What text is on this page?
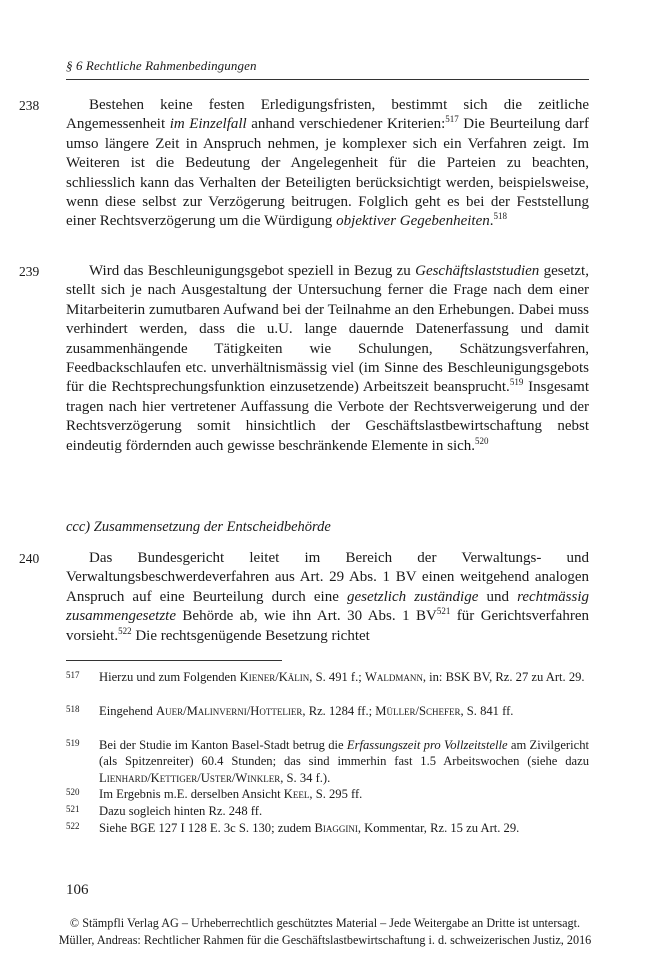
§ 6 Rechtliche Rahmenbedingungen
238	Bestehen keine festen Erledigungsfristen, bestimmt sich die zeitliche Angemessenheit im Einzelfall anhand verschiedener Kriterien:$^{517}$ Die Beurteilung darf umso längere Zeit in Anspruch nehmen, je komplexer sich ein Verfahren zeigt. Im Weiteren ist die Bedeutung der Angelegenheit für die Parteien zu beachten, schliesslich kann das Verhalten der Beteiligten berücksichtigt werden, beispielsweise, wenn diese selbst zur Verzögerung beitrugen. Folglich geht es bei der Feststellung einer Rechtsverzögerung um die Würdigung objektiver Gegebenheiten.$^{518}$
239	Wird das Beschleunigungsgebot speziell in Bezug zu Geschäftslaststudien gesetzt, stellt sich je nach Ausgestaltung der Untersuchung ferner die Frage nach dem einer Mitarbeiterin zumutbaren Aufwand bei der Teilnahme an den Erhebungen. Dabei muss verhindert werden, dass die u.U. lange dauernde Datenerfassung und damit zusammenhängende Tätigkeiten wie Schulungen, Schätzungsverfahren, Feedbackschlaufen etc. unverhältnismässig viel (im Sinne des Beschleunigungsgebots für die Rechtsprechungsfunktion einzusetzende) Arbeitszeit beansprucht.$^{519}$ Insgesamt tragen nach hier vertretener Auffassung die Verbote der Rechtsverweigerung und der Rechtsverzögerung somit hinsichtlich der Geschäftslastbewirtschaftung nebst eindeutig fördernden auch gewisse beschränkende Elemente in sich.$^{520}$
ccc) Zusammensetzung der Entscheidbehörde
240	Das Bundesgericht leitet im Bereich der Verwaltungs- und Verwaltungsbeschwerdeverfahren aus Art. 29 Abs. 1 BV einen weitgehend analogen Anspruch auf eine Beurteilung durch eine gesetzlich zuständige und rechtmässig zusammengesetzte Behörde ab, wie ihn Art. 30 Abs. 1 BV$^{521}$ für Gerichtsverfahren vorsieht.$^{522}$ Die rechtsgenügende Besetzung richtet
517	Hierzu und zum Folgenden Kiener/Kälin, S. 491 f.; Waldmann, in: BSK BV, Rz. 27 zu Art. 29.
518	Eingehend Auer/Malinverni/Hottelier, Rz. 1284 ff.; Müller/Schefer, S. 841 ff.
519	Bei der Studie im Kanton Basel-Stadt betrug die Erfassungszeit pro Vollzeitstelle am Zivilgericht (als Spitzenreiter) 60.4 Stunden; das sind immerhin fast 1.5 Arbeitswochen (siehe dazu Lienhard/Kettiger/Uster/Winkler, S. 34 f.).
520	Im Ergebnis m.E. derselben Ansicht Keel, S. 295 ff.
521	Dazu sogleich hinten Rz. 248 ff.
522	Siehe BGE 127 I 128 E. 3c S. 130; zudem Biaggini, Kommentar, Rz. 15 zu Art. 29.
106
© Stämpfli Verlag AG – Urheberrechtlich geschütztes Material – Jede Weitergabe an Dritte ist untersagt.
Müller, Andreas: Rechtlicher Rahmen für die Geschäftslastbewirtschaftung i. d. schweizerischen Justiz, 2016
